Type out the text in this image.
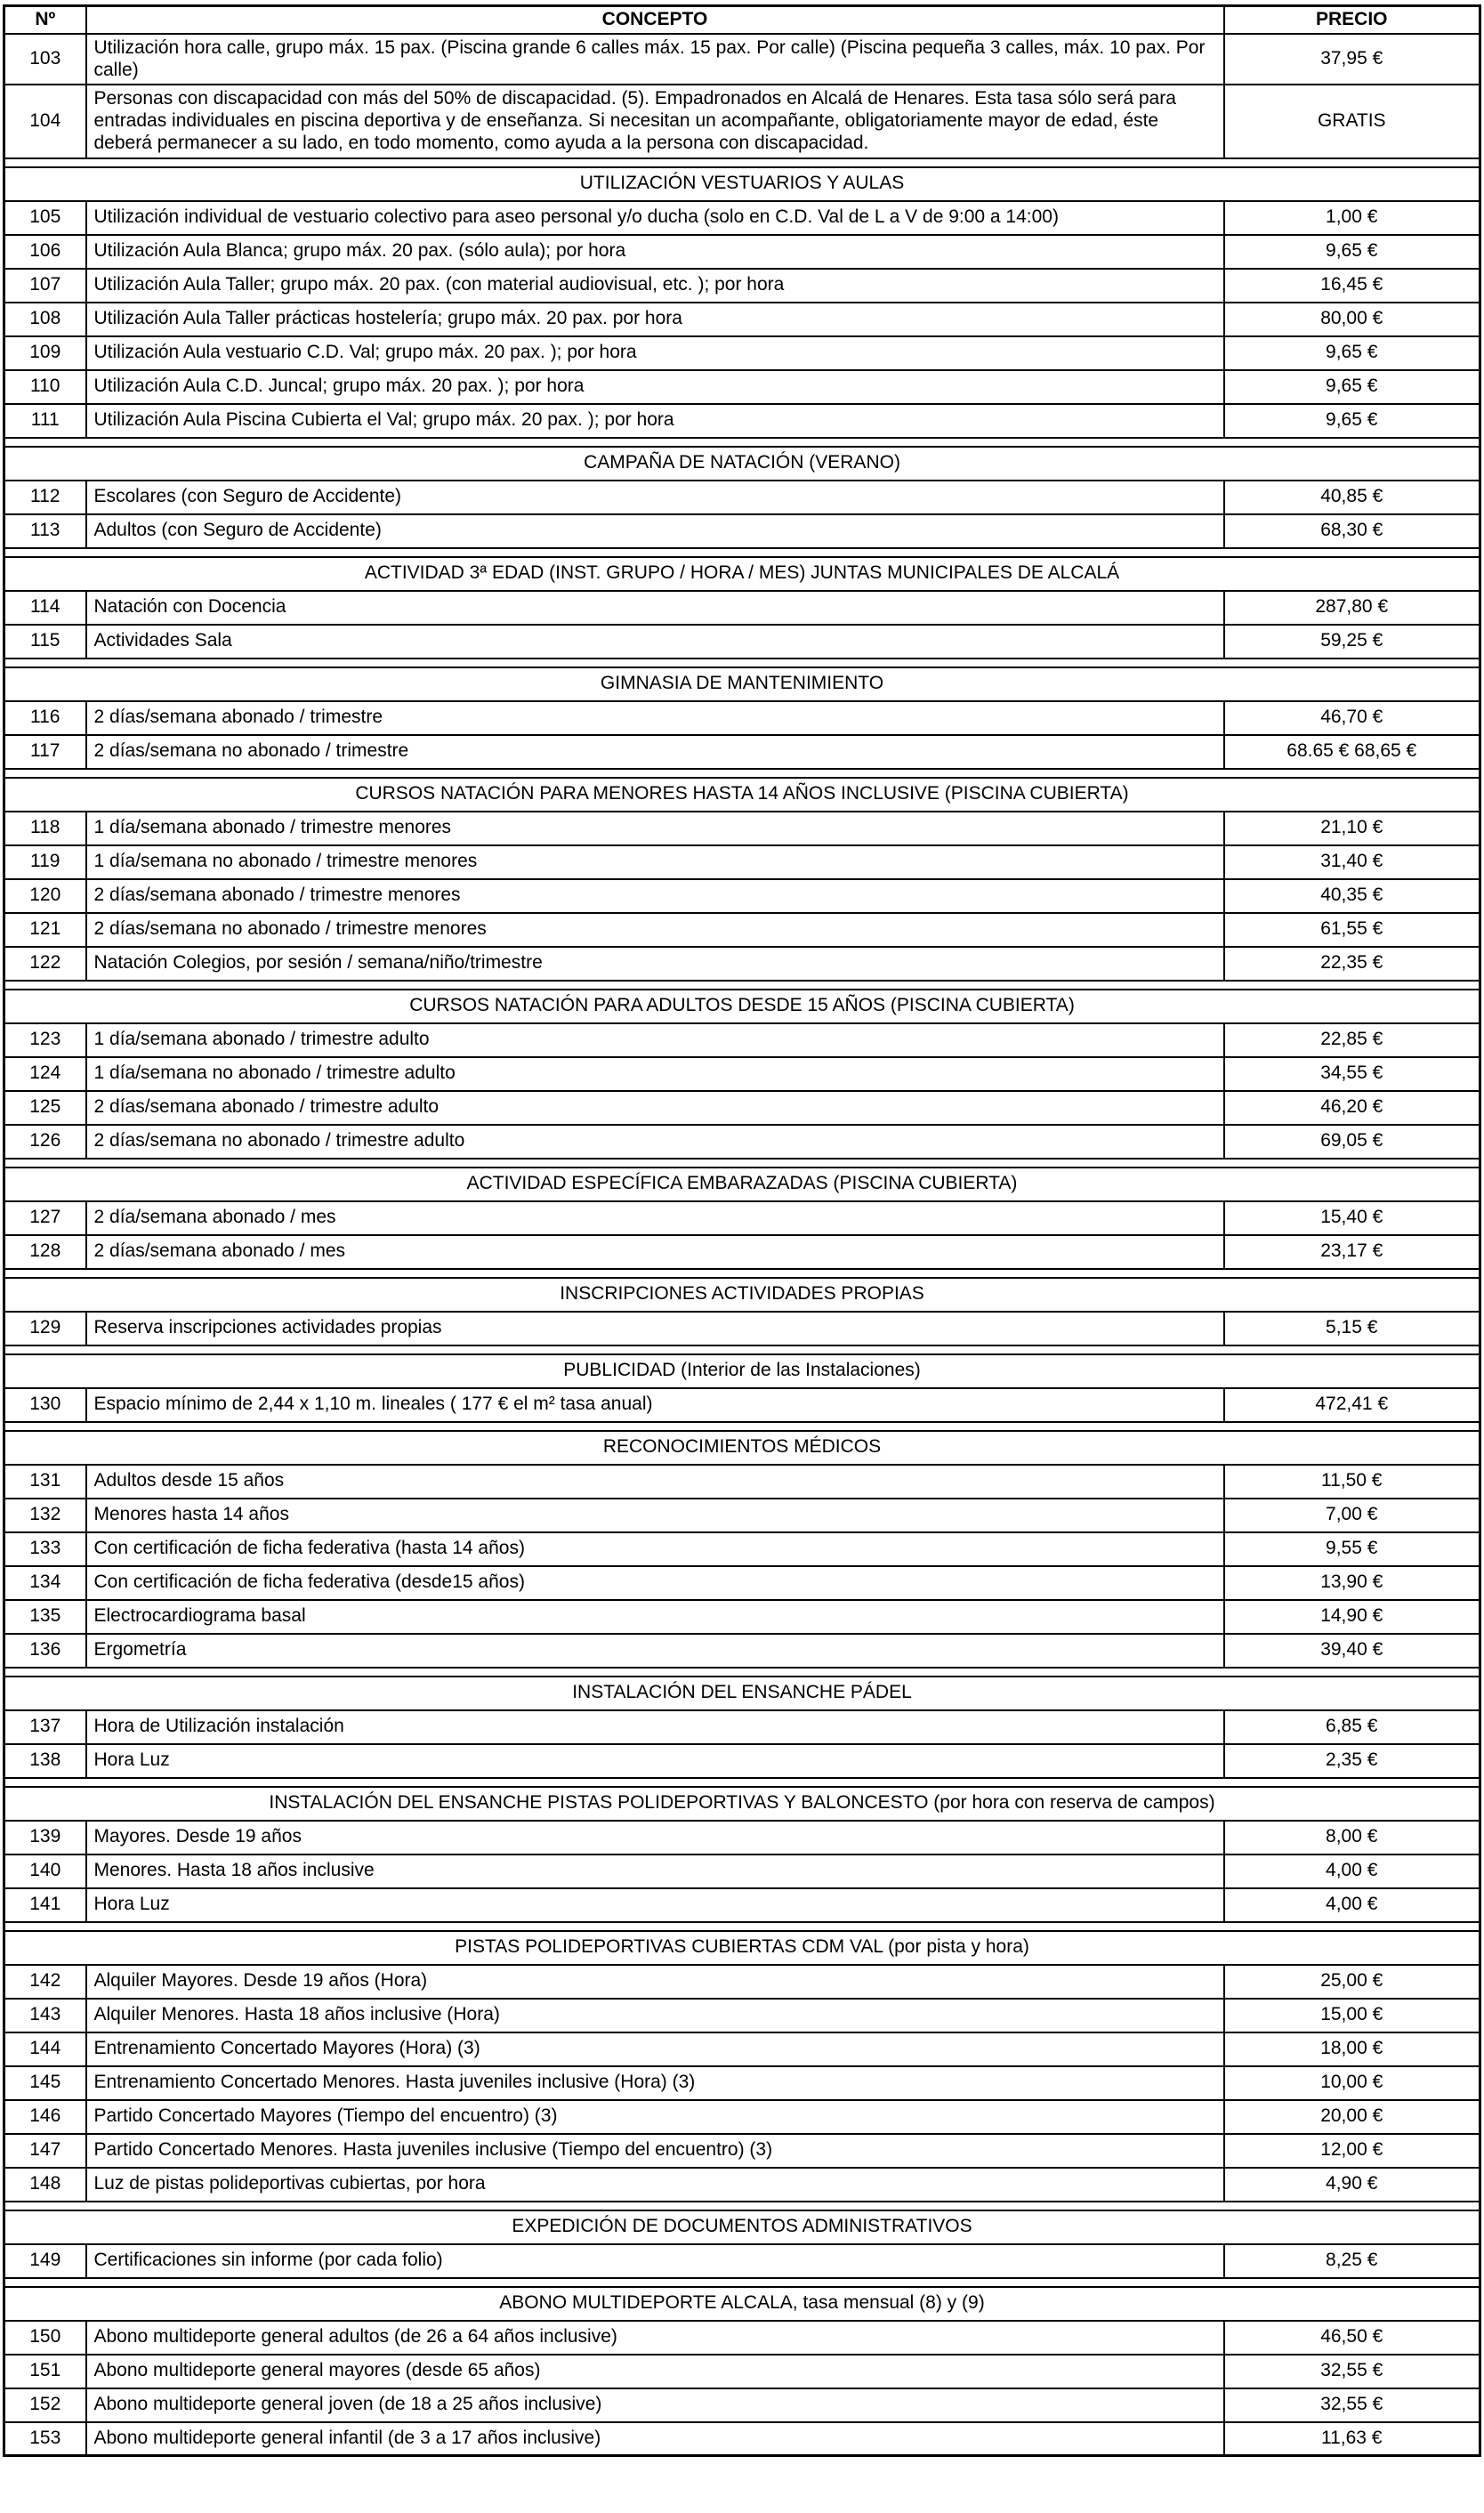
Nº	CONCEPTO	PRECIO
103	Utilización hora calle, grupo máx. 15 pax. (Piscina grande 6 calles máx. 15 pax. Por calle) (Piscina pequeña 3 calles, máx. 10 pax. Por calle)	37,95 €
104	Personas con discapacidad con más del 50% de discapacidad. (5). Empadronados en Alcalá de Henares. Esta tasa sólo será para entradas individuales en piscina deportiva y de enseñanza. Si necesitan un acompañante, obligatoriamente mayor de edad, éste deberá permanecer a su lado, en todo momento, como ayuda a la persona con discapacidad.	GRATIS

UTILIZACIÓN VESTUARIOS Y AULAS		
105	Utilización individual de vestuario colectivo para aseo personal y/o ducha (solo en C.D. Val de L a V de 9:00 a 14:00)	1,00 €
106	Utilización Aula Blanca; grupo máx. 20 pax. (sólo aula); por hora	9,65 €
107	Utilización Aula Taller; grupo máx. 20 pax. (con material audiovisual, etc. ); por hora	16,45 €
108	Utilización Aula Taller prácticas hostelería; grupo máx. 20 pax. por hora	80,00 €
109	Utilización Aula vestuario C.D. Val; grupo máx. 20 pax. ); por hora	9,65 €
110	Utilización Aula C.D. Juncal; grupo máx. 20 pax. ); por hora	9,65 €
111	Utilización Aula Piscina Cubierta el Val; grupo máx. 20 pax. ); por hora	9,65 €

CAMPAÑA DE NATACIÓN (VERANO)		
112	Escolares (con Seguro de Accidente)	40,85 €
113	Adultos (con Seguro de Accidente)	68,30 €

ACTIVIDAD 3ª EDAD (INST. GRUPO / HORA / MES) JUNTAS MUNICIPALES DE ALCALÁ		
114	Natación con Docencia	287,80 €
115	Actividades Sala	59,25 €

GIMNASIA DE MANTENIMIENTO		
116	2 días/semana abonado / trimestre	46,70 €
117	2 días/semana no abonado / trimestre	68.65 € 68,65 €

CURSOS NATACIÓN PARA MENORES HASTA 14 AÑOS INCLUSIVE (PISCINA CUBIERTA)		
118	1 día/semana abonado / trimestre menores	21,10 €
119	1 día/semana no abonado / trimestre menores	31,40 €
120	2 días/semana abonado / trimestre menores	40,35 €
121	2 días/semana no abonado / trimestre menores	61,55 €
122	Natación Colegios, por sesión / semana/niño/trimestre	22,35 €

CURSOS NATACIÓN PARA ADULTOS DESDE 15 AÑOS (PISCINA CUBIERTA)		
123	1 día/semana abonado / trimestre adulto	22,85 €
124	1 día/semana no abonado / trimestre adulto	34,55 €
125	2 días/semana abonado / trimestre adulto	46,20 €
126	2 días/semana no abonado / trimestre adulto	69,05 €

ACTIVIDAD ESPECÍFICA EMBARAZADAS (PISCINA CUBIERTA)		
127	2 día/semana abonado / mes	15,40 €
128	2 días/semana abonado / mes	23,17 €

INSCRIPCIONES ACTIVIDADES PROPIAS		
129	Reserva inscripciones actividades propias	5,15 €

PUBLICIDAD (Interior de las Instalaciones)		
130	Espacio mínimo de 2,44 x 1,10 m. lineales ( 177 € el m² tasa anual)	472,41 €

RECONOCIMIENTOS MÉDICOS		
131	Adultos desde 15 años	11,50 €
132	Menores hasta 14 años	7,00 €
133	Con certificación de ficha federativa (hasta 14 años)	9,55 €
134	Con certificación de ficha federativa (desde15 años)	13,90 €
135	Electrocardiograma basal	14,90 €
136	Ergometría	39,40 €

INSTALACIÓN DEL ENSANCHE PÁDEL		
137	Hora de Utilización instalación	6,85 €
138	Hora Luz	2,35 €

INSTALACIÓN DEL ENSANCHE PISTAS POLIDEPORTIVAS Y BALONCESTO (por hora con reserva de campos)		
139	Mayores. Desde 19 años	8,00 €
140	Menores. Hasta 18 años inclusive	4,00 €
141	Hora Luz	4,00 €

PISTAS POLIDEPORTIVAS CUBIERTAS CDM VAL (por pista y hora)		
142	Alquiler Mayores. Desde 19 años (Hora)	25,00 €
143	Alquiler Menores. Hasta 18 años inclusive (Hora)	15,00 €
144	Entrenamiento Concertado Mayores (Hora) (3)	18,00 €
145	Entrenamiento Concertado Menores. Hasta juveniles inclusive (Hora) (3)	10,00 €
146	Partido Concertado Mayores (Tiempo del encuentro) (3)	20,00 €
147	Partido Concertado Menores. Hasta juveniles inclusive (Tiempo del encuentro) (3)	12,00 €
148	Luz de pistas polideportivas cubiertas, por hora	4,90 €

EXPEDICIÓN DE DOCUMENTOS ADMINISTRATIVOS		
149	Certificaciones sin informe (por cada folio)	8,25 €

ABONO MULTIDEPORTE ALCALA, tasa mensual (8) y (9)		
150	Abono multideporte general adultos (de 26 a 64 años inclusive)	46,50 €
151	Abono multideporte general mayores (desde 65 años)	32,55 €
152	Abono multideporte general joven (de 18 a 25 años inclusive)	32,55 €
153	Abono multideporte general infantil (de 3 a 17 años inclusive)	11,63 €
